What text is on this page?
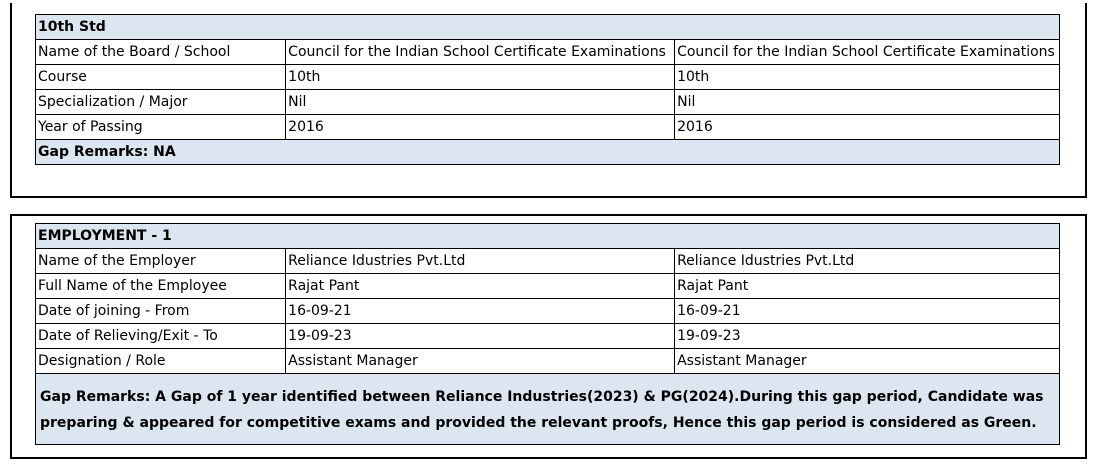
10th Std		
Name of the Board / School	Council for the Indian School Certificate Examinations	Council for the Indian School Certificate Examinations
Course	10th	10th
Specialization / Major	Nil	Nil
Year of Passing	2016	2016
Gap Remarks: NA		
EMPLOYMENT - 1		
Name of the Employer	Reliance Idustries Pvt.Ltd	Reliance Idustries Pvt.Ltd
Full Name of the Employee	Rajat Pant	Rajat Pant
Date of joining - From	16-09-21	16-09-21
Date of Relieving/Exit - To	19-09-23	19-09-23
Designation / Role	Assistant Manager	Assistant Manager
Gap Remarks: A Gap of 1 year identified between Reliance Industries(2023) & PG(2024).During this gap period, Candidate was preparing & appeared for competitive exams and provided the relevant proofs, Hence this gap period is considered as Green.		
